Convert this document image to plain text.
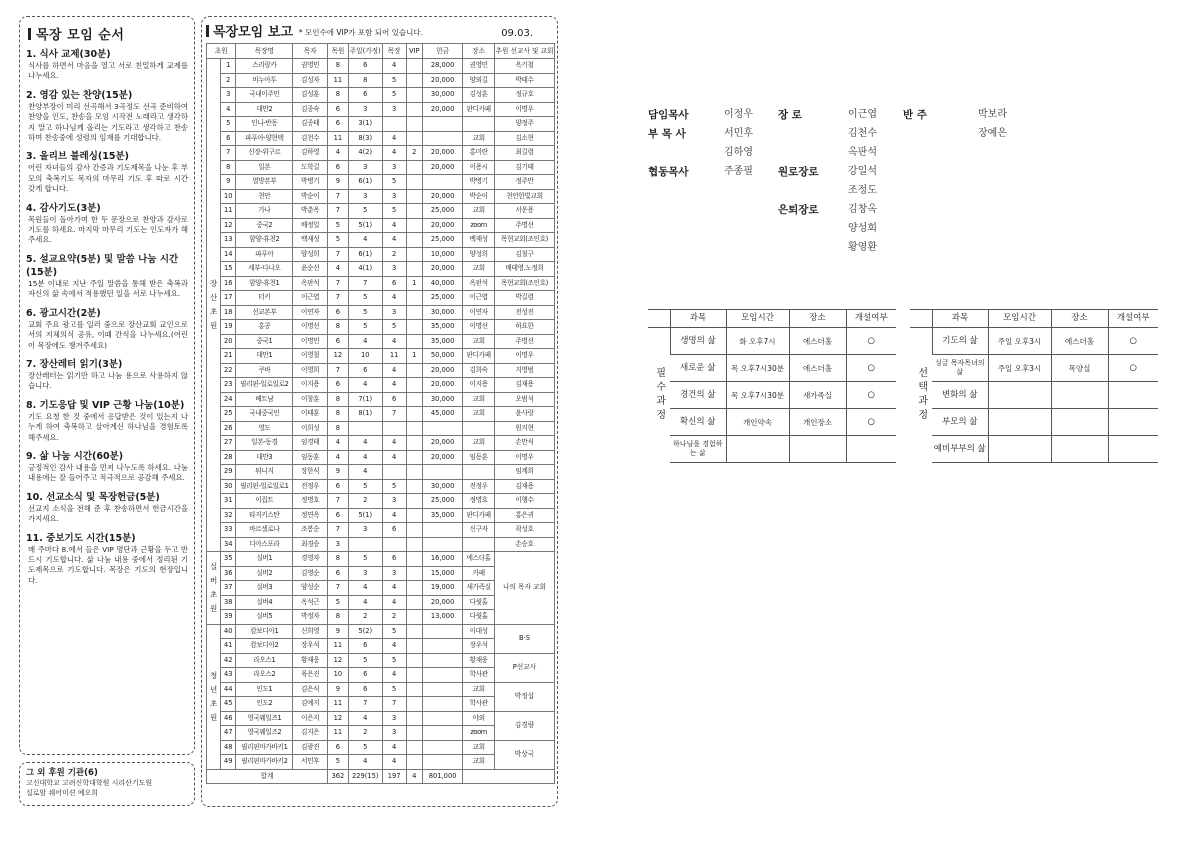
목장 모임 순서
1. 식사 교제(30분)
식사를 하면서 마음을 열고 서로 친밀하게 교제를 나누세요.
2. 영감 있는 찬양(15분)
찬양부장이 미리 선곡해서 3곡정도 선곡 준비하여 찬양을 인도, 찬송을 모임 시작전 노래라고 생각하지 말고 하나님께 올리는 기도라고 생각하고 찬송하며 찬송중에 성령의 임재를 기대합니다.
3. 올리브 블레싱(15분)
어린 자녀들의 감사 간증과 기도제목을 나눈 후 부모의 축복기도 목자의 마무리 기도 후 따로 시간 갖게 합니다.
4. 감사기도(3분)
목원들이 돌아가며 한 두 문장으로 찬양과 감사로 기도를 하세요. 마지막 마무리 기도는 인도자가 해주세요.
5. 설교요약(5분) 및 말씀 나눔 시간(15분)
15분 이내로 지난 주일 말씀을 통해 받은 축복과 자신의 삶 속에서 적용했던 일을 서로 나누세요.
6. 광고시간(2분)
교회 주요 광고를 일러 줌으로 장산교회 교인으로서의 지체의식 공유, 이때 간식을 나누세요.(어린이 목장에도 챙겨주세요)
7. 장산레터 읽기(3분)
장산레터는 읽기만 하고 나눔 용으로 사용하지 않습니다.
8. 기도응답 및 VIP 근황 나눔(10분)
기도 요청 한 것 중에서 응답받은 것이 있는지 나누게 하여 축복하고 살아계신 하나님을 경험토록 해주세요.
9. 삶 나눔 시간(60분)
긍정적인 감사 내용을 먼저 나누도록 하세요. 나눔 내용에는 잘 들어주고 적극적으로 공감해 주세요.
10. 선교소식 및 목장헌금(5분)
선교지 소식을 전해 준 후 찬송하면서 헌금시간을 가지세요.
11. 중보기도 시간(15분)
매 주마다 8.에서 들은 VIP 명단과 근황을 두고 반드시 기도합니다. 삶 나눔 내용 중에서 정리된 기도제목으로 기도합니다. 목장은 기도의 현장입니다.
그 외 후원 기관(6)
고신대학교 고려신학대학원 시리산기도원
실로암 쉐어미션 예오희
목장모임 보고 * 모인수에 VIP가 포함 되어 있습니다.	09.03.
초원		목장명	목자	목원	주일(가정)	목장	VIP	헌금	장소	추원 선교사 및 교회
장산초원	1	스리랑카	권영민	8	6	4		28,000	권영민	옥기철
	2	비누아투	김성자	11	8	5		20,000	양외길	박태수
	3	국내이주민	김성훈	8	6	5		30,000	김성훈	정규호
	4	대만2	김종숙	6	3	3		20,000	판디카페	이명우
	5	인니-반동	김종태	6	3(1)					양정주
	6	파푸아-양현택	김천수	11	8(3)	4			교회	김소현
	7	신장-위구르	김하영	4	4(2)	4	2	20,000	홍미란	최길렴
	8	일본	도학길	6	3	3		20,000	이용시	김기태
	9	열방본부	박병기	9	6(1)	5			박병기	정주만
	10	천안	박순이	7	3	3		20,000	박순이	천안한빛교회
	11	가나	박춘옥	7	5	5		25,000	교회	서운용
	12	중국2	배정일	5	5(1)	4		20,000	zoom	주명선
	13	함양-휴천2	백재성	5	4	4		25,000	백재성	목현교회(조인호)
	14	파푸아	양성희	7	6(1)	2		10,000	양성희	김철구
	15	세부-다나오	윤순선	4	4(1)	3		20,000	교회	배태영.노정희
	16	함양-휴천1	옥판석	7	7	6	1	40,000	옥판석	목현교회(조인호)
	17	터키	이근엽	7	5	4		25,000	이근엽	박길렴
	18	선교본부	이연자	6	5	3		30,000	이연자	전성진
	19	홍콩	이명선	8	5	5		35,000	이명선	하요한
	20	중국1	이명민	6	4	4		35,000	교회	주명선
	21	대만1	이영철	12	10	11	1	50,000	판디카페	이명우
	22	쿠바	이영희	7	6	4		20,000	김희숙	지영범
	23	필리핀-일로일로2	이지용	6	4	4		20,000	이지용	김재용
	24	베트남	이창훈	8	7(1)	6		30,000	교회	오범석
	25	국내중국인	이태훈	8	8(1)	7		45,000	교회	윤사랑
	26	영도	이희성	8						원지현
	27	일본-동경	임경태	4	4	4		20,000	교회	손만식
	28	대만3	임동훈	4	4	4		20,000	임동훈	이명우
	29	튀니지	장한식	9	4					임계희
	30	필리핀-일로일로1	전정우	6	5	5		30,000	전정우	김재용
	31	이집트	정명호	7	2	3		25,000	정명호	이행수
	32	타지키스탄	정연옥	6	5(1)	4		35,000	판디카페	홍은귀
	33	바르셀로나	조봉순	7	3	6			신구자	곽성호
	34	디아스포라	최경승	3						손승호
실버초원	35	실버1	경영자	8	5	6		16,000	에스더홀	나의 목자 교회
	36	실버2	김영순	6	3	3		15,000	카페	
	37	실버3	양성순	7	4	4		19,000	새가족실	
	38	실버4	옥석근	5	4	4		20,000	다윗홀	
	39	실버5	박정자	8	2	2		13,000	다윗홀	
청년초원	40	캄보디아1	신희영	9	5(2)	5			이대성	B·S
	41	캄보디아2	장우석	11	6	4			장우석	
	42	라오스1	황재웅	12	5	5			황재웅	P선교사
	43	라오스2	육은진	10	6	4			학사관	
	44	인도1	김은식	9	6	5			교회	박정섭
	45	인도2	김예지	11	7	7			학사관	
	46	영국웨일즈1	이은지	12	4	3			야외	김경량
	47	영국웨일즈2	김지은	11	2	3			zoom	
	48	필리핀마가바키1	김광진	6	5	4			교회	박상국
	49	필리핀마가바키2	서민후	5	4	4			교회	
합계				362	229(15)	197	4	801,000		
담임목사	이정우
부 목 사	서민후
김하영
협동목사	주종필
장 로	이근엽
김천수
옥판석
원로장로	강일석
조정도
은퇴장로	김창옥
양성희
황영환
반 주	박보라
장예은
	과목	모임시간	장소	개설여부
필수과정	생명의 삶	화 오후7시	에스더홀	○
	새로운 삶	목 오후7시30분	에스더홀	○
	경건의 삶	목 오후7시30분	새가족실	○
	확신의 삶	개인약속	개인장소	○
	하나님을 경험하는 삶			
	과목	모임시간	장소	개설여부
선택과정	기도의 삶	주일 오후3시	에스더홀	○
	싱글 목자목녀의 삶	주일 오후3시	목양실	○
	변화의 삶			
	부모의 삶			
	예비부부의 삶			
